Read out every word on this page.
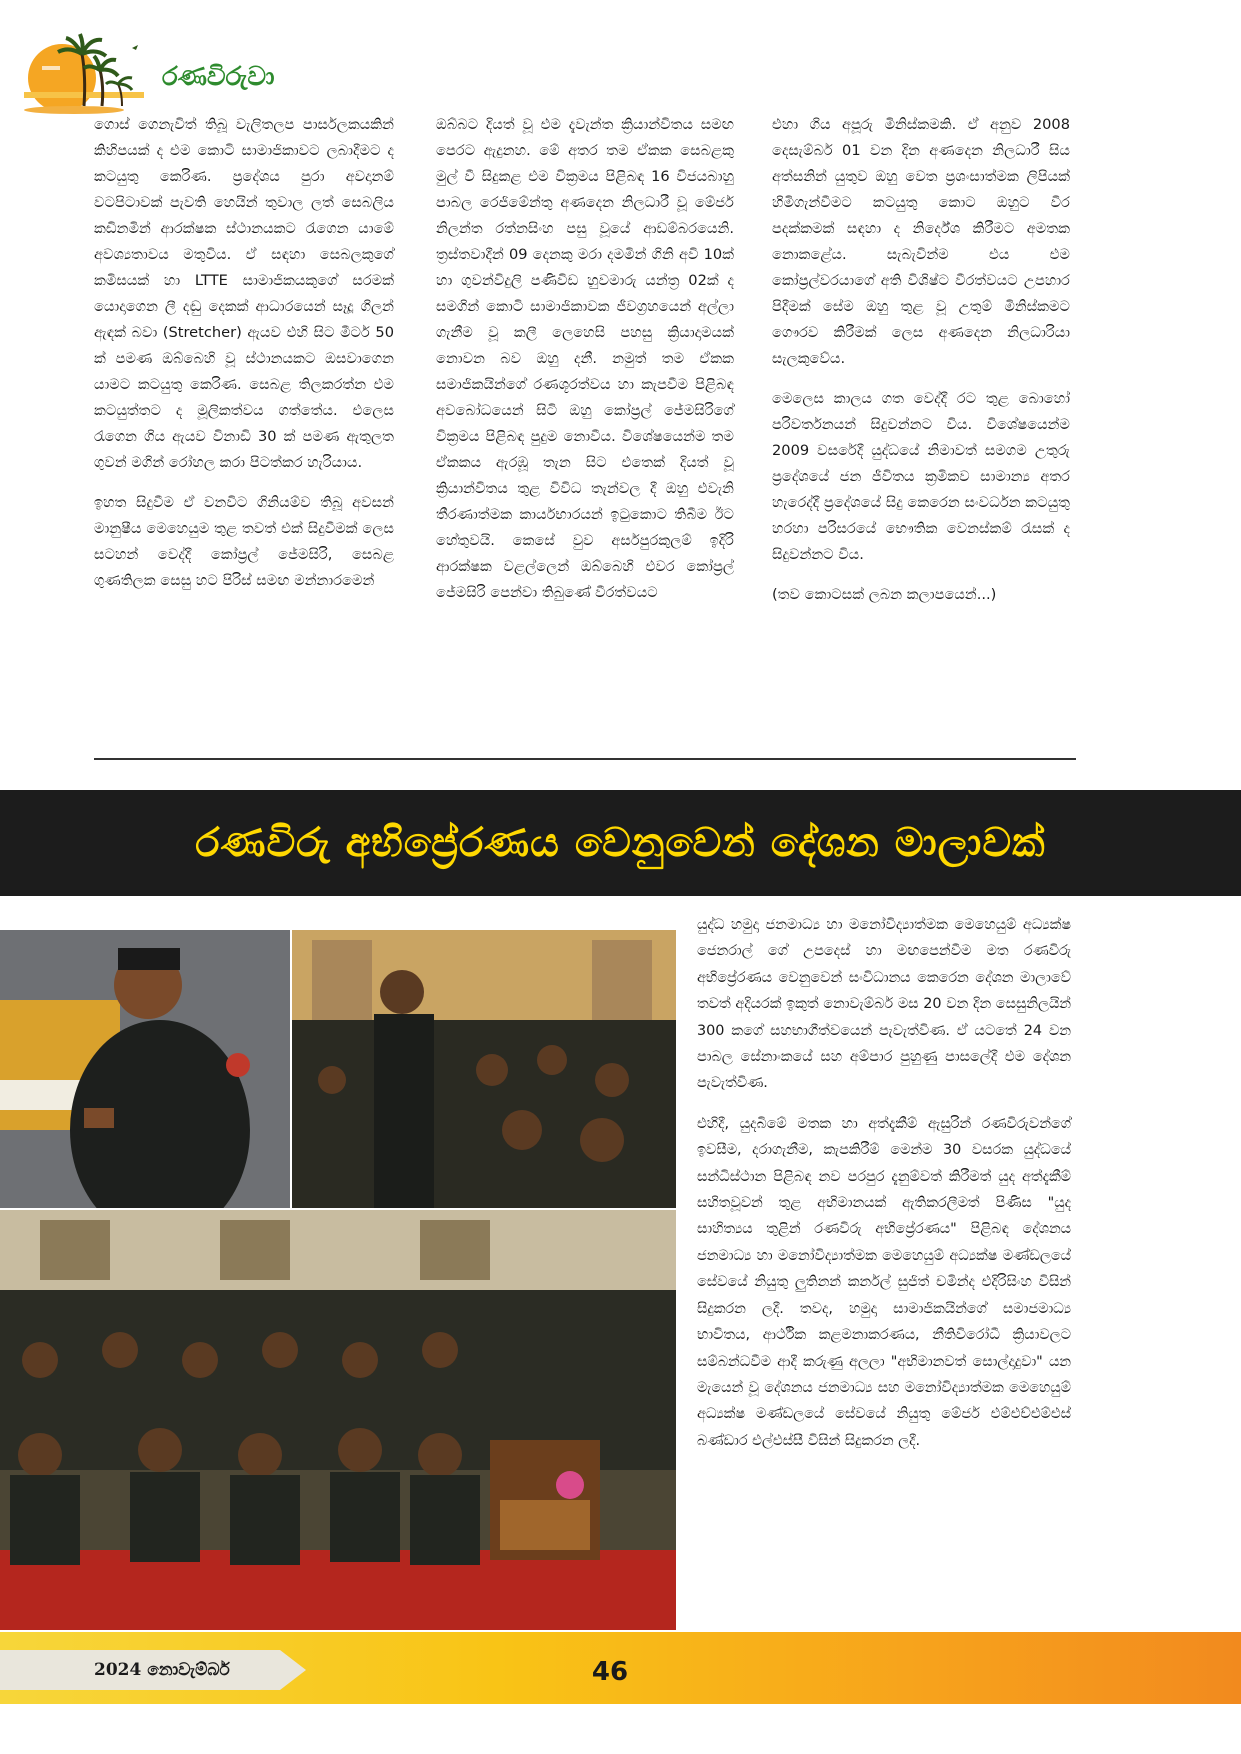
රණවිරුවා

ගොස් ගෙනැවිත් තිබූ වැලිතලප පාර්සලකයකින් කිහිපයක් ද එම කොටි සාමාජිකාවට ලබාදීමට ද කටයුතු කෙරිණ. ප්‍රදේශය පුරා අවදානම් වටපිටාවක් පැවති හෙයින් තුවාල ලත් සෙබලිය කඩිනමින් ආරක්ෂක ස්ථානයකට රැගෙන යාමේ අවශ්‍යතාවය මතුවිය. ඒ සඳහා සෙබලකුගේ කමිසයක් හා LTTE සාමාජිකයකුගේ සරමක් යොදාගෙන ලී දඬු දෙකක් ආධාරයෙන් සෑදූ ගිලන් ඇඳක් බවා (Stretcher) ඇයව එහි සිට මීටර් 50 ක් පමණ ඔබ්බෙහි වූ ස්ථානයකට ඔසවාගෙන යාමට කටයුතු කෙරිණ. සෙබළ තිලකරත්න එම කටයුත්තට ද මූලිකත්වය ගත්තේය. එලෙස රැගෙන ගිය ඇයව විනාඩි 30 ක් පමණ ඇතුලත ගුවන් මගින් රෝහල කරා පිටත්කර හැරියාය.

ඉහත සිදුවීම ඒ වනවිට ගිනියම්ව තිබූ අවසන් මානුෂීය මෙහෙයුම තුළ තවත් එක් සිදුවීමක් ලෙස සටහන් වෙද්දී කෝප්‍රල් ජේමසිරි, සෙබළ ගුණතිලක සෙසු හට පිරිස් සමඟ මන්නාරමෙන්

ඔබ්බට දියත් වූ එම දැවැන්ත ක්‍රියාන්විතය සමඟ පෙරට ඇදුනහ. මේ අතර තම ඒකක සෙබළකු මුල් වී සිදුකළ එම වික්‍රමය පිළිබඳ 16 විජයබාහු පාබල රෙජිමේන්තු අණදෙන නිලධාරී වූ මේජර් නිලන්ත රත්නසිංහ පසු වූයේ ආඩම්බරයෙනි. ත්‍රස්තවාදීන් 09 දෙනකු මරා දමමින් ගිනි අවි 10ක් හා ගුවන්විදුලි පණිවිඩ හුවමාරු යන්ත්‍ර 02ක් ද සමගින් කොටි සාමාජිකාවක ජීවග්‍රහයෙන් අල්ලා ගැනීම වූ කලී ලෙහෙසි පහසු ක්‍රියාදාමයක් නොවන බව ඔහු දනී. නමුත් තම ඒකක සමාජිකයින්ගේ රණශූරත්වය හා කැපවීම පිළිබඳ අවබෝධයෙන් සිටි ඔහු කෝප්‍රල් ජේමසිරිගේ වික්‍රමය පිළිබඳ පුදුම නොවීය. විශේෂයෙන්ම තම ඒකකය ඇරඹූ තැන සිට එතෙක් දියත් වූ ක්‍රියාන්විතය තුළ විවිධ තැන්වල දී ඔහු එවැනි තීරණාත්මක කාර්යභාරයන් ඉටුකොට තිබීම ඊට හේතුවයි. කෙසේ වුව අර්සපුරකුලම් ඉදිරි ආරක්ෂක වළල්ලෙන් ඔබ්බෙහි එවර කෝප්‍රල් ජේමසිරි පෙන්වා තිබුණේ වීරත්වයට

එහා ගිය අපූරු මිනිස්කමකි. ඒ අනුව 2008 දෙසැම්බර් 01 වන දින අණදෙන නිලධාරී සිය අත්සනින් යුතුව ඔහු වෙත ප්‍රශංසාත්මක ලිපියක් හිමිගැන්වීමට කටයුතු කොට ඔහුට වීර පදක්කමක් සඳහා ද නිර්දේශ කිරීමට අමතක නොකළේය. සැබැවින්ම එය එම කෝප්‍රල්වරයාගේ අති විශිෂ්ට වීරත්වයට උපහාර පිදීමක් සේම ඔහු තුළ වූ උතුම් මිනිස්කමට ගෞරව කිරීමක් ලෙස අණදෙන නිලධාරියා සැලකුවේය.

මෙලෙස කාලය ගත වෙද්දී රට තුළ බොහෝ පරිවර්තනයන් සිදුවන්නට විය. විශේෂයෙන්ම 2009 වසරේදී යුද්ධයේ නිමාවත් සමගම උතුරු ප්‍රදේශයේ ජන ජීවිතය ක්‍රමිකව සාමාන්‍ය අතර හැරෙද්දී ප්‍රදේශයේ සිදු කෙරෙන සංවර්ධන කටයුතු හරහා පරිසරයේ භෞතික වෙනස්කම් රැසක් ද සිදුවන්නට විය.

(තව කොටසක් ලබන කලාපයෙන්...)

රණවිරු අභිප්‍රේරණය වෙනුවෙන් දේශන මාලාවක්

යුද්ධ හමුදා ජනමාධ්‍ය හා මනෝවිද්‍යාත්මක මෙහෙයුම් අධ්‍යක්ෂ ජෙනරාල් ගේ උපදෙස් හා මඟපෙන්වීම මත රණවිරු අභිප්‍රේරණය වෙනුවෙන් සංවිධානය කෙරෙන දේශන මාලාවේ තවත් අදියරක් ඉකුත් නොවැම්බර් මස 20 වන දින සෙසුනිලයින් 300 කගේ සහභාගීත්වයෙන් පැවැත්විණ. ඒ යටතේ 24 වන පාබල සේනාංකයේ සහ අම්පාර පුහුණු පාසලේදී එම දේශන පැවැත්විණ.

එහිදී, යුදබිමේ මතක හා අත්දැකීම් ඇසුරින් රණවිරුවන්ගේ ඉවසීම, දරාගැනීම, කැපකිරීම් මෙන්ම 30 වසරක යුද්ධයේ සන්ධිස්ථාන පිළිබඳ නව පරපුර දැනුම්වත් කිරීමත් යුද අත්දැකීම් සහිතවූවන් තුළ අභිමානයක් ඇතිකරලීමත් පිණිස "යුද සාහිත්‍යය තුළින් රණවිරු අභිප්‍රේරණය" පිළිබඳ දේශනය ජනමාධ්‍ය හා මනෝවිද්‍යාත්මක මෙහෙයුම් අධ්‍යක්ෂ මණ්ඩලයේ සේවයේ නියුතු ලුතිනන් කර්නල් සුජිත් චමින්ද එදිරිසිංහ විසින් සිදුකරන ලදී. තවද, හමුදා සාමාජිකයින්ගේ සමාජමාධ්‍ය භාවිතය, ආර්ථික කළමනාකරණය, නීතිවිරෝධී ක්‍රියාවලට සම්බන්ධවීම ආදී කරුණු අලලා "අභිමානවත් සොල්දාදුවා" යන මැයෙන් වූ දේශනය ජනමාධ්‍ය සහ මනෝවිද්‍යාත්මක මෙහෙයුම් අධ්‍යක්ෂ මණ්ඩලයේ සේවයේ නියුතු මේජර් එම්එච්එම්එස් බණ්ඩාර එල්එස්සී විසින් සිදුකරන ලදී.

2024 නොවැම්බර්	46
